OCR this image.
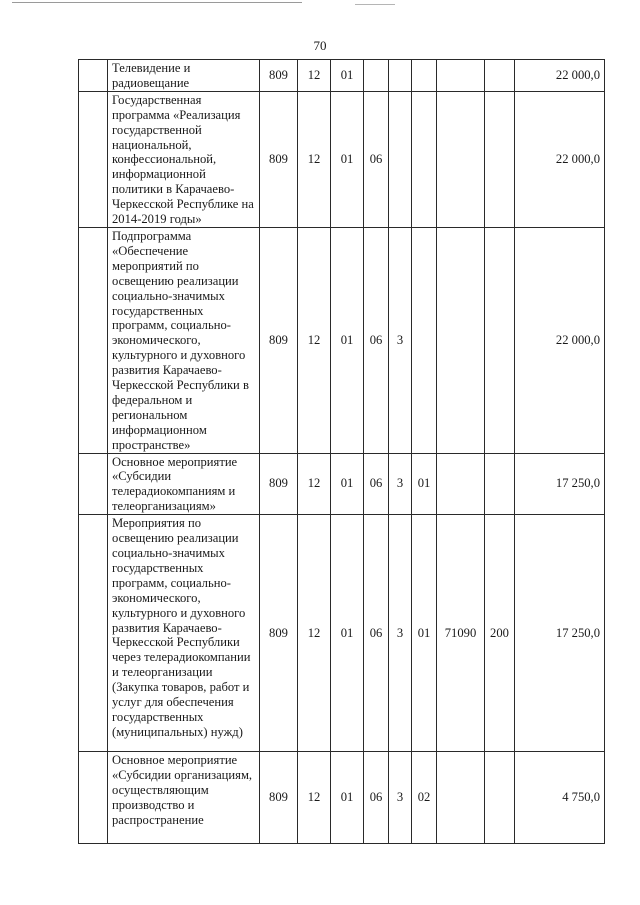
70
	Телевидение и радиовещание	809	12	01						22 000,0
	Государственная программа «Реализация государственной национальной, конфессиональной, информационной политики в Карачаево-Черкесской Республике на 2014-2019 годы»	809	12	01	06					22 000,0
	Подпрограмма «Обеспечение мероприятий по освещению реализации социально-значимых государственных программ, социально-экономического, культурного и духовного развития Карачаево-Черкесской Республики в федеральном и региональном информационном пространстве»	809	12	01	06	3				22 000,0
	Основное мероприятие «Субсидии телерадиокомпаниям и телеорганизациям»	809	12	01	06	3	01			17 250,0
	Мероприятия по освещению реализации социально-значимых государственных программ, социально-экономического, культурного и духовного развития Карачаево-Черкесской Республики через телерадиокомпании и телеорганизации (Закупка товаров, работ и услуг для обеспечения государственных (муниципальных) нужд)	809	12	01	06	3	01	71090	200	17 250,0
	Основное мероприятие «Субсидии организациям, осуществляющим производство и распространение	809	12	01	06	3	02			4 750,0
